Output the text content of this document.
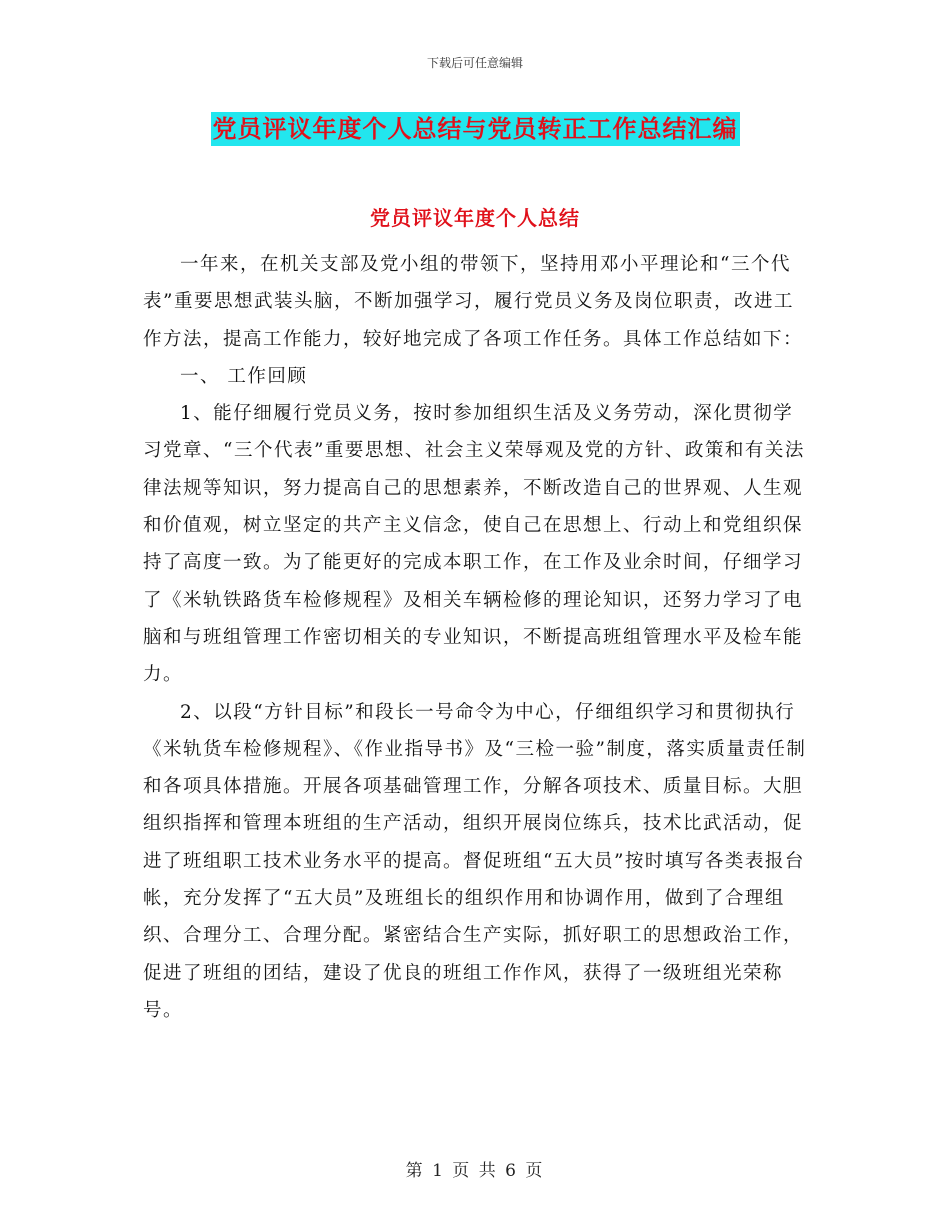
下载后可任意编辑
党员评议年度个人总结与党员转正工作总结汇编
党员评议年度个人总结

一年来，在机关支部及党小组的带领下，坚持用邓小平理论和“三个代表”重要思想武装头脑，不断加强学习，履行党员义务及岗位职责，改进工作方法，提高工作能力，较好地完成了各项工作任务。具体工作总结如下：

一、 工作回顾

1、能仔细履行党员义务，按时参加组织生活及义务劳动，深化贯彻学习党章、“三个代表”重要思想、社会主义荣辱观及党的方针、政策和有关法律法规等知识，努力提高自己的思想素养，不断改造自己的世界观、人生观和价值观，树立坚定的共产主义信念，使自己在思想上、行动上和党组织保持了高度一致。为了能更好的完成本职工作，在工作及业余时间，仔细学习了《米轨铁路货车检修规程》及相关车辆检修的理论知识，还努力学习了电脑和与班组管理工作密切相关的专业知识，不断提高班组管理水平及检车能力。

2、以段“方针目标”和段长一号命令为中心，仔细组织学习和贯彻执行《米轨货车检修规程》、《作业指导书》及“三检一验”制度，落实质量责任制和各项具体措施。开展各项基础管理工作，分解各项技术、质量目标。大胆组织指挥和管理本班组的生产活动，组织开展岗位练兵，技术比武活动，促进了班组职工技术业务水平的提高。督促班组“五大员”按时填写各类表报台帐，充分发挥了“五大员”及班组长的组织作用和协调作用，做到了合理组织、合理分工、合理分配。紧密结合生产实际，抓好职工的思想政治工作，促进了班组的团结，建设了优良的班组工作作风，获得了一级班组光荣称号。

第 1 页 共 6 页
